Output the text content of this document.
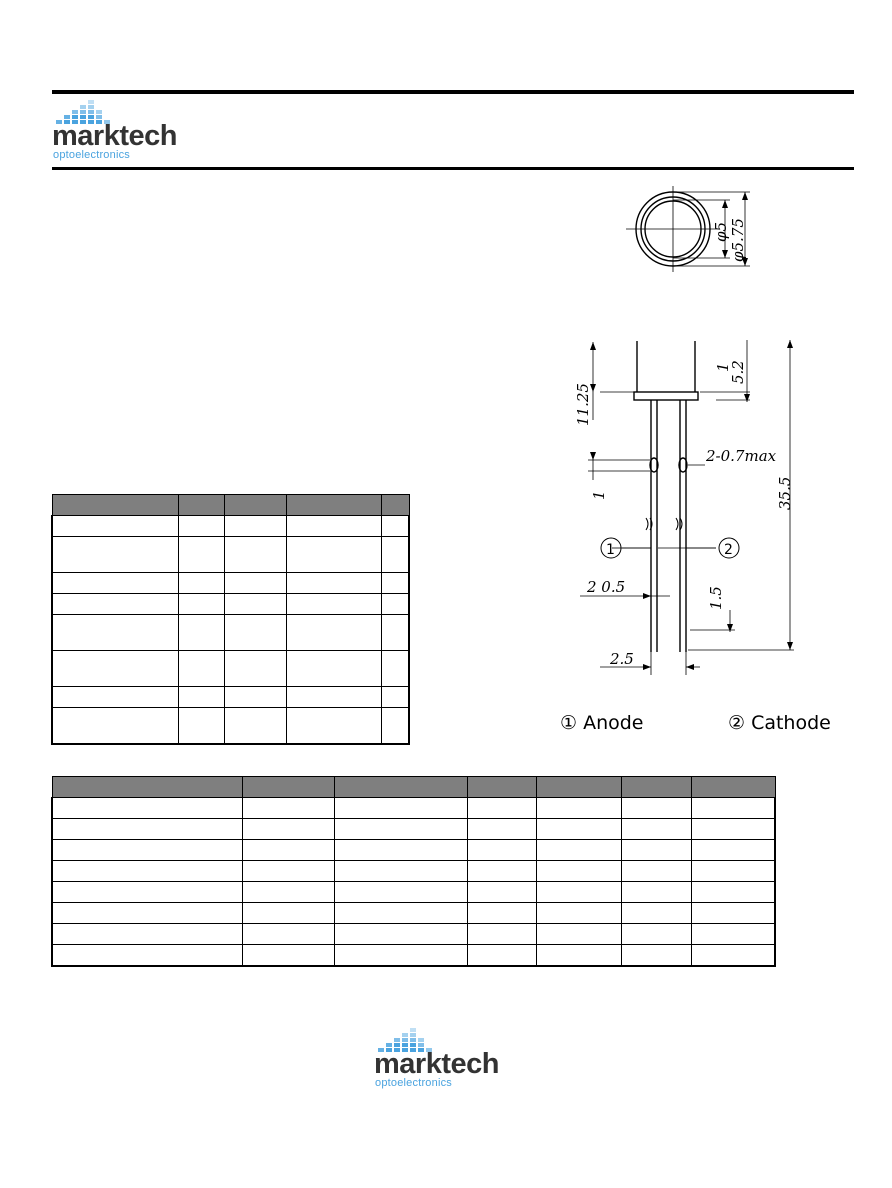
marktech
optoelectronics

φ5 φ5.75
1
5.2
11.25
2-0.7max
1	35.5
2 0.5	1.5
2.5
1	2
① Anode	② Cathode
marktech
optoelectronics
